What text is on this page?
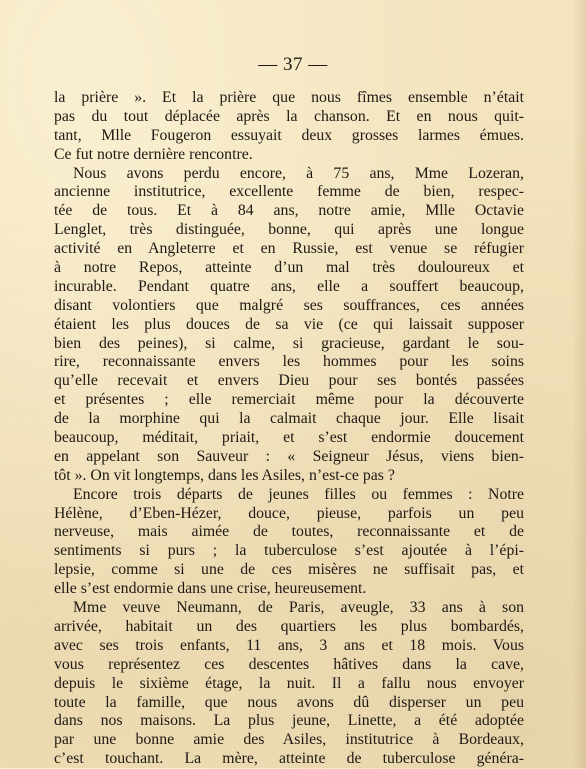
— 37 —
la prière ». Et la prière que nous fîmes ensemble n’était
pas du tout déplacée après la chanson. Et en nous quit-
tant, Mlle Fougeron essuyait deux grosses larmes émues.
Ce fut notre dernière rencontre.
Nous avons perdu encore, à 75 ans, Mme Lozeran,
ancienne institutrice, excellente femme de bien, respec-
tée de tous. Et à 84 ans, notre amie, Mlle Octavie
Lenglet, très distinguée, bonne, qui après une longue
activité en Angleterre et en Russie, est venue se réfugier
à notre Repos, atteinte d’un mal très douloureux et
incurable. Pendant quatre ans, elle a souffert beaucoup,
disant volontiers que malgré ses souffrances, ces années
étaient les plus douces de sa vie (ce qui laissait supposer
bien des peines), si calme, si gracieuse, gardant le sou-
rire, reconnaissante envers les hommes pour les soins
qu’elle recevait et envers Dieu pour ses bontés passées
et présentes ; elle remerciait même pour la découverte
de la morphine qui la calmait chaque jour. Elle lisait
beaucoup, méditait, priait, et s’est endormie doucement
en appelant son Sauveur : « Seigneur Jésus, viens bien-
tôt ». On vit longtemps, dans les Asiles, n’est-ce pas ?
Encore trois départs de jeunes filles ou femmes : Notre
Hélène, d’Eben-Hézer, douce, pieuse, parfois un peu
nerveuse, mais aimée de toutes, reconnaissante et de
sentiments si purs ; la tuberculose s’est ajoutée à l’épi-
lepsie, comme si une de ces misères ne suffisait pas, et
elle s’est endormie dans une crise, heureusement.
Mme veuve Neumann, de Paris, aveugle, 33 ans à son
arrivée, habitait un des quartiers les plus bombardés,
avec ses trois enfants, 11 ans, 3 ans et 18 mois. Vous
vous représentez ces descentes hâtives dans la cave,
depuis le sixième étage, la nuit. Il a fallu nous envoyer
toute la famille, que nous avons dû disperser un peu
dans nos maisons. La plus jeune, Linette, a été adoptée
par une bonne amie des Asiles, institutrice à Bordeaux,
c’est touchant. La mère, atteinte de tuberculose généra-
